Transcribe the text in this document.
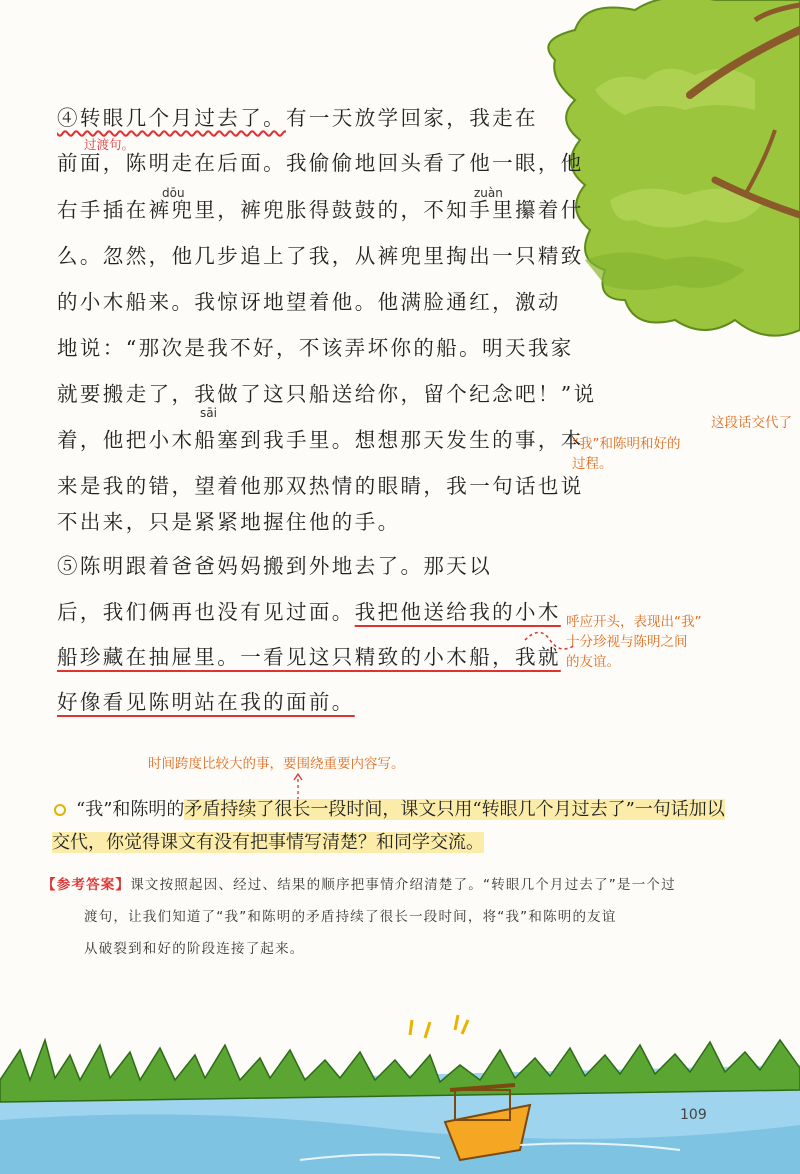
④转眼几个月过去了。有一天放学回家，我走在
前面，陈明走在后面。我偷偷地回头看了他一眼，他
右手插在裤兜里，裤兜胀得鼓鼓的，不知手里攥着什
么。忽然，他几步追上了我，从裤兜里掏出一只精致
的小木船来。我惊讶地望着他。他满脸通红，激动
地说：“那次是我不好，不该弄坏你的船。明天我家
就要搬走了，我做了这只船送给你，留个纪念吧！”说
着，他把小木船塞到我手里。想想那天发生的事，本
来是我的错，望着他那双热情的眼睛，我一句话也说
不出来，只是紧紧地握住他的手。
dōu	zuàn
sāi
过渡句。
⑤陈明跟着爸爸妈妈搬到外地去了。那天以
后，我们俩再也没有见过面。我把他送给我的小木
船珍藏在抽屉里。一看见这只精致的小木船，我就
好像看见陈明站在我的面前。
这段话交代了
“我”和陈明和好的
过程。
呼应开头，表现出“我”
十分珍视与陈明之间
的友谊。
时间跨度比较大的事，要围绕重要内容写。
“我”和陈明的矛盾持续了很长一段时间，课文只用“转眼几个月过去了”一句话加以
交代，你觉得课文有没有把事情写清楚？和同学交流。
【参考答案】课文按照起因、经过、结果的顺序把事情介绍清楚了。“转眼几个月过去了”是一个过
渡句，让我们知道了“我”和陈明的矛盾持续了很长一段时间，将“我”和陈明的友谊
从破裂到和好的阶段连接了起来。
109
